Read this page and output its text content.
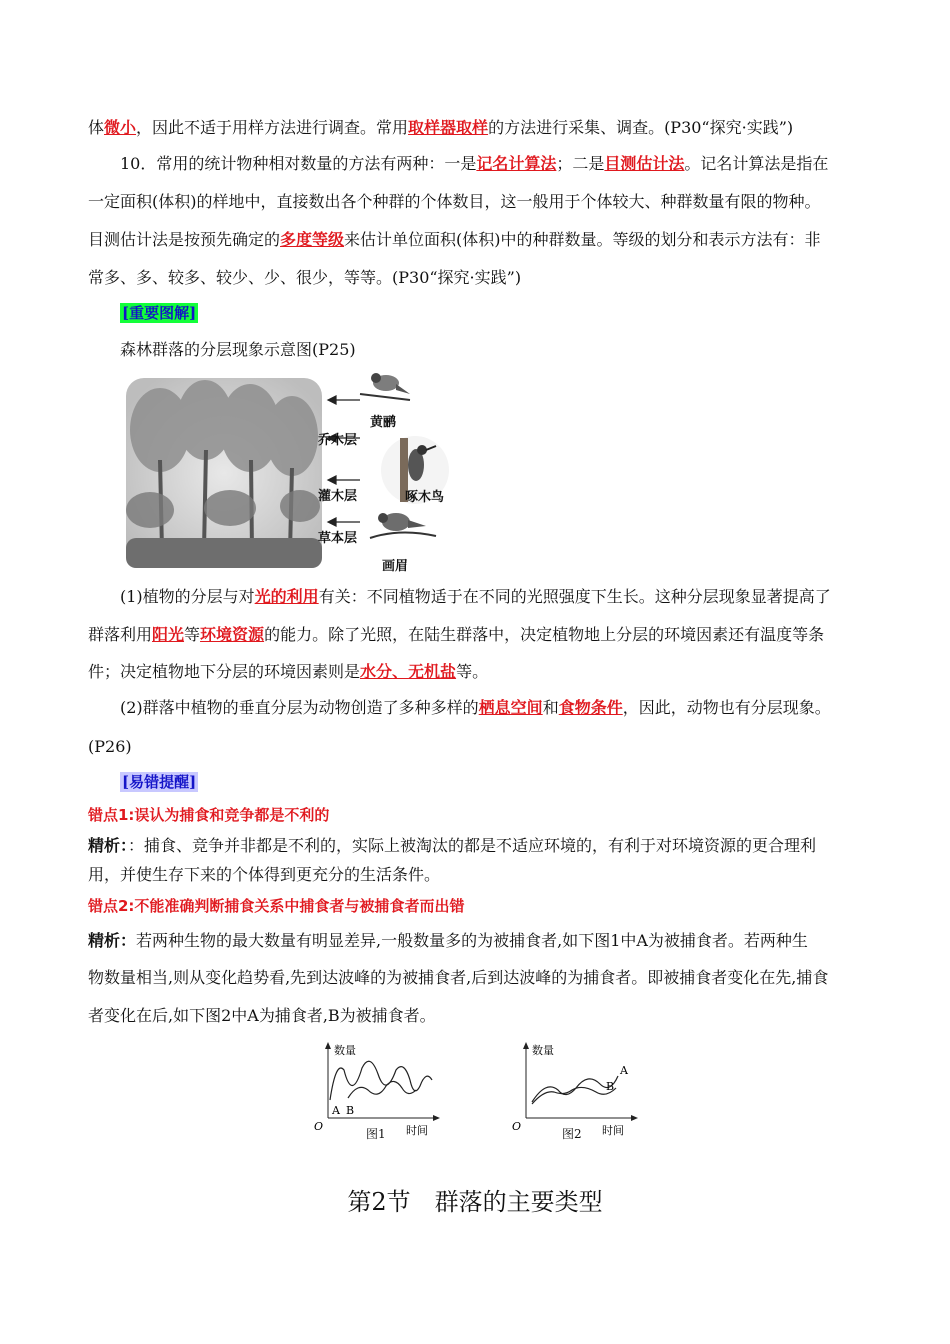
体微小，因此不适于用样方法进行调查。常用取样器取样的方法进行采集、调查。(P30“探究·实践”)
10．常用的统计物种相对数量的方法有两种：一是记名计算法；二是目测估计法。记名计算法是指在
一定面积(体积)的样地中，直接数出各个种群的个体数目，这一般用于个体较大、种群数量有限的物种。
目测估计法是按预先确定的多度等级来估计单位面积(体积)中的种群数量。等级的划分和表示方法有：非
常多、多、较多、较少、少、很少，等等。(P30“探究·实践”)
[重要图解]
森林群落的分层现象示意图(P25)
黄鹂
乔木层
啄木鸟
灌木层
草本层
画眉
(1)植物的分层与对光的利用有关：不同植物适于在不同的光照强度下生长。这种分层现象显著提高了
群落利用阳光等环境资源的能力。除了光照，在陆生群落中，决定植物地上分层的环境因素还有温度等条
件；决定植物地下分层的环境因素则是水分、无机盐等。
(2)群落中植物的垂直分层为动物创造了多种多样的栖息空间和食物条件，因此，动物也有分层现象。
(P26)
[易错提醒]
错点1:误认为捕食和竞争都是不利的
精析：：捕食、竞争并非都是不利的，实际上被淘汰的都是不适应环境的，有利于对环境资源的更合理利
用，并使生存下来的个体得到更充分的生活条件。
错点2:不能准确判断捕食关系中捕食者与被捕食者而出错
精析：若两种生物的最大数量有明显差异,一般数量多的为被捕食者,如下图1中A为被捕食者。若两种生
物数量相当,则从变化趋势看,先到达波峰的为被捕食者,后到达波峰的为捕食者。即被捕食者变化在先,捕食
者变化在后,如下图2中A为捕食者,B为被捕食者。
数量
时间
O
A B
图1
数量
时间
O
A
B
图2
第2节　群落的主要类型
